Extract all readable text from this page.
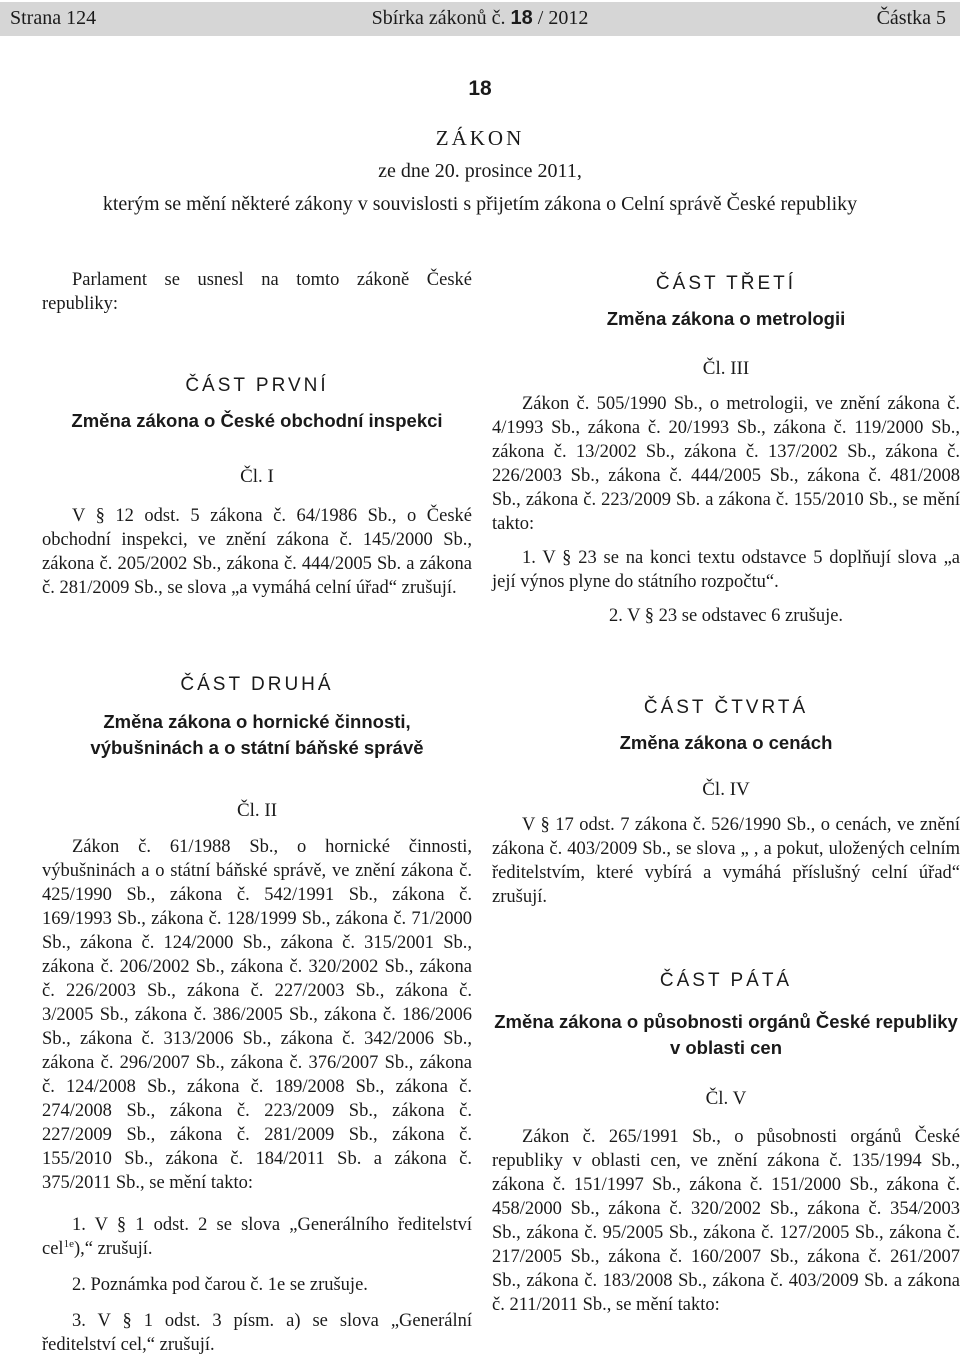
Strana 124	Sbírka zákonů č. 18 / 2012	Částka 5
18
ZÁKON
ze dne 20. prosince 2011,
kterým se mění některé zákony v souvislosti s přijetím zákona o Celní správě České republiky

Parlament se usnesl na tomto zákoně České republiky:

ČÁST PRVNÍ

Změna zákona o České obchodní inspekci

Čl. I

V § 12 odst. 5 zákona č. 64/1986 Sb., o České obchodní inspekci, ve znění zákona č. 145/2000 Sb., zákona č. 205/2002 Sb., zákona č. 444/2005 Sb. a zákona č. 281/2009 Sb., se slova „a vymáhá celní úřad“ zrušují.

ČÁST DRUHÁ

Změna zákona o hornické činnosti,

výbušninách a o státní báňské správě

Čl. II

Zákon č. 61/1988 Sb., o hornické činnosti, výbušninách a o státní báňské správě, ve znění zákona č. 425/1990 Sb., zákona č. 542/1991 Sb., zákona č. 169/1993 Sb., zákona č. 128/1999 Sb., zákona č. 71/2000 Sb., zákona č. 124/2000 Sb., zákona č. 315/2001 Sb., zákona č. 206/2002 Sb., zákona č. 320/2002 Sb., zákona č. 226/2003 Sb., zákona č. 227/2003 Sb., zákona č. 3/2005 Sb., zákona č. 386/2005 Sb., zákona č. 186/2006 Sb., zákona č. 313/2006 Sb., zákona č. 342/2006 Sb., zákona č. 296/2007 Sb., zákona č. 376/2007 Sb., zákona č. 124/2008 Sb., zákona č. 189/2008 Sb., zákona č. 274/2008 Sb., zákona č. 223/2009 Sb., zákona č. 227/2009 Sb., zákona č. 281/2009 Sb., zákona č. 155/2010 Sb., zákona č. 184/2011 Sb. a zákona č. 375/2011 Sb., se mění takto:

1. V § 1 odst. 2 se slova „Generálního ředitelství cel$^{1e}$),“ zrušují.

2. Poznámka pod čarou č. 1e se zrušuje.

3. V § 1 odst. 3 písm. a) se slova „Generální ředitelství cel,“ zrušují.

ČÁST TŘETÍ

Změna zákona o metrologii

Čl. III

Zákon č. 505/1990 Sb., o metrologii, ve znění zákona č. 4/1993 Sb., zákona č. 20/1993 Sb., zákona č. 119/2000 Sb., zákona č. 13/2002 Sb., zákona č. 137/2002 Sb., zákona č. 226/2003 Sb., zákona č. 444/2005 Sb., zákona č. 481/2008 Sb., zákona č. 223/2009 Sb. a zákona č. 155/2010 Sb., se mění takto:

1. V § 23 se na konci textu odstavce 5 doplňují slova „a její výnos plyne do státního rozpočtu“.

2. V § 23 se odstavec 6 zrušuje.

ČÁST ČTVRTÁ

Změna zákona o cenách

Čl. IV

V § 17 odst. 7 zákona č. 526/1990 Sb., o cenách, ve znění zákona č. 403/2009 Sb., se slova „ , a pokut, uložených celním ředitelstvím, které vybírá a vymáhá příslušný celní úřad“ zrušují.

ČÁST PÁTÁ

Změna zákona o působnosti orgánů České republiky

v oblasti cen

Čl. V

Zákon č. 265/1991 Sb., o působnosti orgánů České republiky v oblasti cen, ve znění zákona č. 135/1994 Sb., zákona č. 151/1997 Sb., zákona č. 151/2000 Sb., zákona č. 458/2000 Sb., zákona č. 320/2002 Sb., zákona č. 354/2003 Sb., zákona č. 95/2005 Sb., zákona č. 127/2005 Sb., zákona č. 217/2005 Sb., zákona č. 160/2007 Sb., zákona č. 261/2007 Sb., zákona č. 183/2008 Sb., zákona č. 403/2009 Sb. a zákona č. 211/2011 Sb., se mění takto:
